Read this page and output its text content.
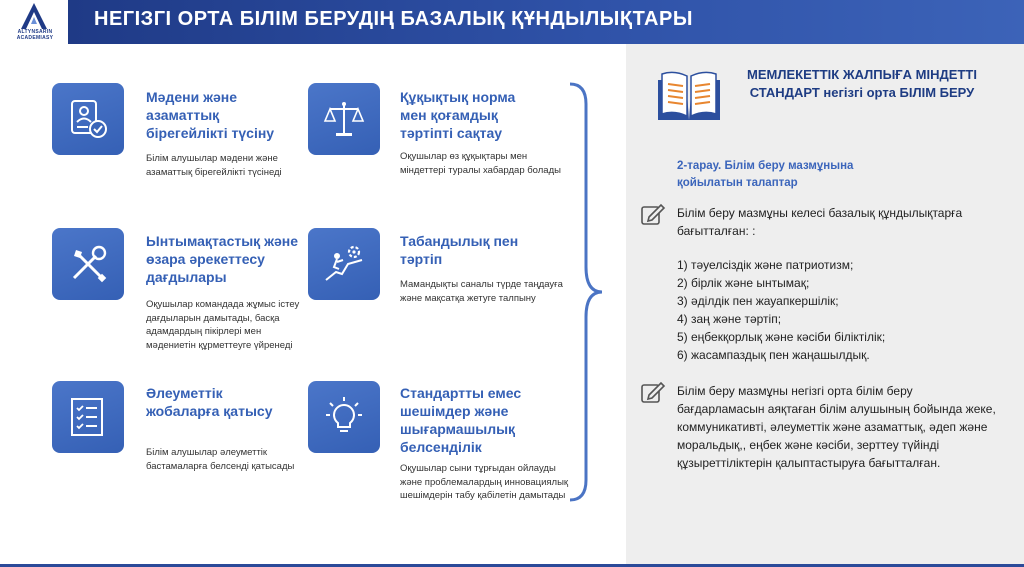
ALTYNSARIN ACADEMIASY
НЕГІЗГІ ОРТА БІЛІМ БЕРУДІҢ БАЗАЛЫҚ ҚҰНДЫЛЫҚТАРЫ
Мәдени және азаматтық бірегейлікті түсіну
Білім алушылар мәдени және азаматтық бірегейлікті түсінеді
Құқықтық норма мен қоғамдық тәртіпті сақтау
Оқушылар өз құқықтары мен міндеттері туралы хабардар болады
Ынтымақтастық және өзара әрекеттесу дағдылары
Оқушылар командада жұмыс істеу дағдыларын дамытады, басқа адамдардың пікірлері мен мәдениетін құрметтеуге үйренеді
Табандылық пен тәртіп
Мамандықты саналы түрде таңдауға және мақсатқа жетуге талпыну
Әлеуметтік жобаларға қатысу
Білім алушылар әлеуметтік бастамаларға белсенді қатысады
Стандартты емес шешімдер және шығармашылық белсенділік
Оқушылар сыни тұрғыдан ойлауды және проблемалардың инновациялық шешімдерін табу қабілетін дамытады
МЕМЛЕКЕТТІК ЖАЛПЫҒА МІНДЕТТІ СТАНДАРТ негізгі орта БІЛІМ БЕРУ
2-тарау. Білім беру мазмұнына қойылатын талаптар
Білім беру мазмұны келесі базалық құндылықтарға бағытталған: :
1) тәуелсіздік және патриотизм;
2) бірлік және ынтымақ;
3) әділдік пен жауапкершілік;
4) заң және тәртіп;
5) еңбекқорлық және кәсіби біліктілік;
6) жасампаздық пен жаңашылдық.
Білім беру мазмұны негізгі орта білім беру бағдарламасын аяқтаған білім алушының бойында жеке, коммуникативті, әлеуметтік және азаматтық, әдеп және моральдық,, еңбек және кәсіби, зерттеу түйінді құзыреттіліктерін қалыптастыруға бағытталған.
